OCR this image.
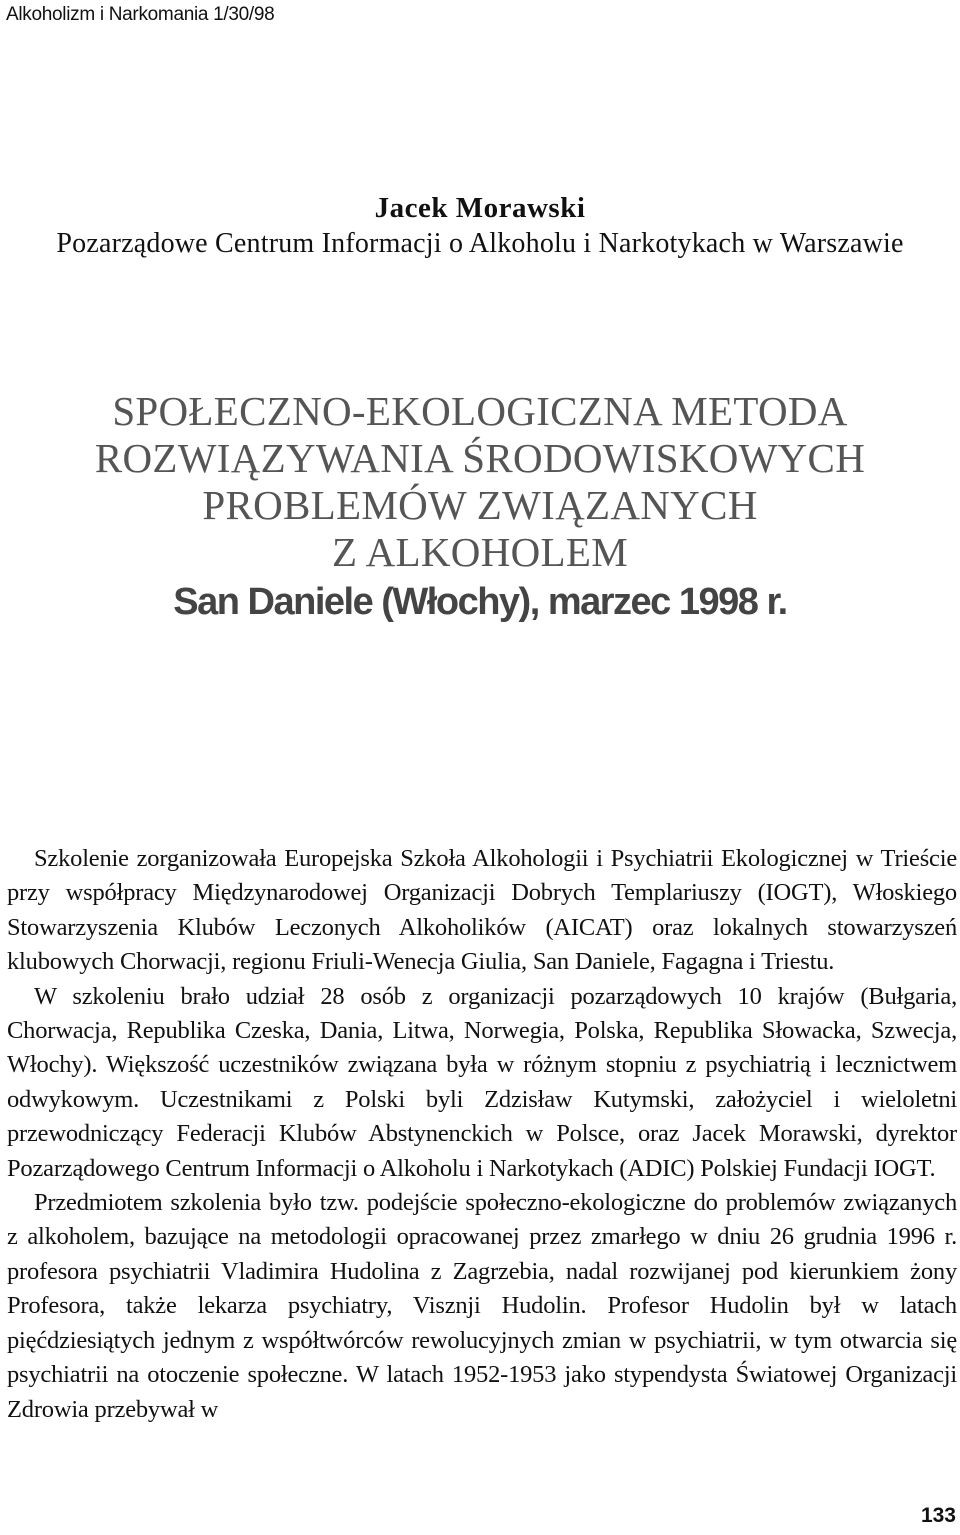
Alkoholizm i Narkomania 1/30/98
Jacek Morawski
Pozarządowe Centrum Informacji o Alkoholu i Narkotykach w Warszawie
SPOŁECZNO-EKOLOGICZNA METODA
ROZWIĄZYWANIA ŚRODOWISKOWYCH
PROBLEMÓW ZWIĄZANYCH
Z ALKOHOLEM
San Daniele (Włochy), marzec 1998 r.

Szkolenie zorganizowała Europejska Szkoła Alkohologii i Psychiatrii Ekologicznej w Trieście przy współpracy Międzynarodowej Organizacji Dobrych Templariuszy (IOGT), Włoskiego Stowarzyszenia Klubów Leczonych Alkoholików (AICAT) oraz lokalnych stowarzyszeń klubowych Chorwacji, regionu Friuli-Wenecja Giulia, San Daniele, Fagagna i Triestu.

W szkoleniu brało udział 28 osób z organizacji pozarządowych 10 krajów (Bułgaria, Chorwacja, Republika Czeska, Dania, Litwa, Norwegia, Polska, Republika Słowacka, Szwecja, Włochy). Większość uczestników związana była w różnym stopniu z psychiatrią i lecznictwem odwykowym. Uczestnikami z Polski byli Zdzisław Kutymski, założyciel i wieloletni przewodniczący Federacji Klubów Abstynenckich w Polsce, oraz Jacek Morawski, dyrektor Pozarządowego Centrum Informacji o Alkoholu i Narkotykach (ADIC) Polskiej Fundacji IOGT.

Przedmiotem szkolenia było tzw. podejście społeczno-ekologiczne do problemów związanych z alkoholem, bazujące na metodologii opracowanej przez zmarłego w dniu 26 grudnia 1996 r. profesora psychiatrii Vladimira Hudolina z Zagrzebia, nadal rozwijanej pod kierunkiem żony Profesora, także lekarza psychiatry, Visznji Hudolin. Profesor Hudolin był w latach pięćdziesiątych jednym z współtwórców rewolucyjnych zmian w psychiatrii, w tym otwarcia się psychiatrii na otoczenie społeczne. W latach 1952-1953 jako stypendysta Światowej Organizacji Zdrowia przebywał w

133
